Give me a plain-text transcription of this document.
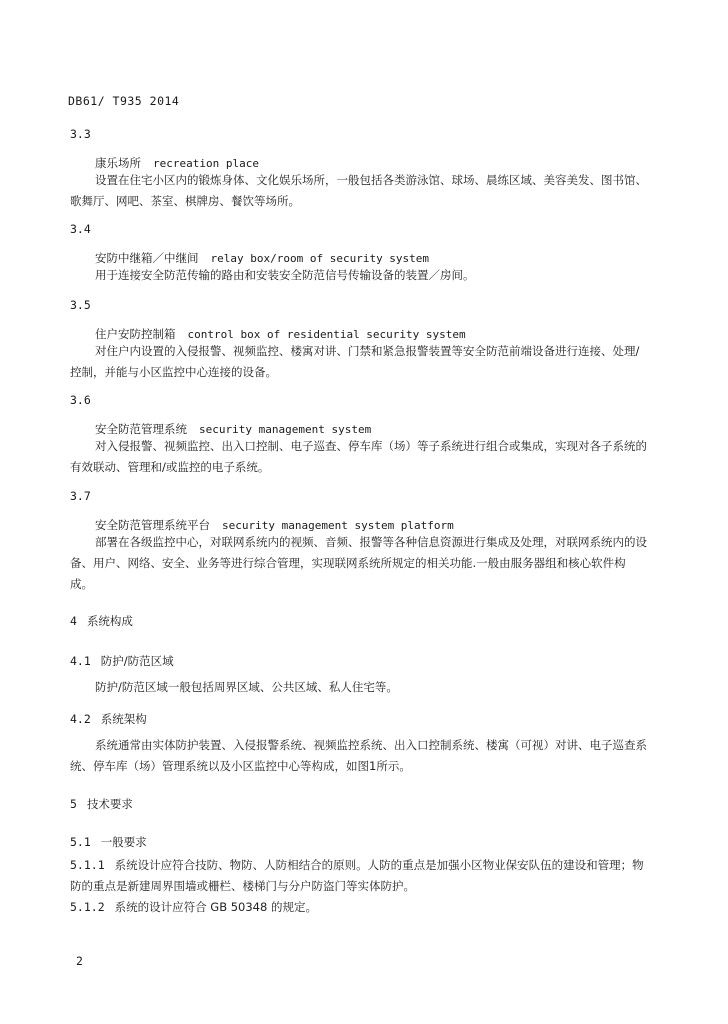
DB61/ T935 2014
3.3
康乐场所 recreation place
设置在住宅小区内的锻炼身体、文化娱乐场所，一般包括各类游泳馆、球场、晨练区域、美容美发、图书馆、歌舞厅、网吧、茶室、棋牌房、餐饮等场所。
3.4
安防中继箱／中继间 relay box/room of security system
用于连接安全防范传输的路由和安装安全防范信号传输设备的装置／房间。
3.5
住户安防控制箱 control box of residential security system
对住户内设置的入侵报警、视频监控、楼寓对讲、门禁和紧急报警装置等安全防范前端设备进行连接、处理/控制，并能与小区监控中心连接的设备。
3.6
安全防范管理系统 security management system
对入侵报警、视频监控、出入口控制、电子巡查、停车库（场）等子系统进行组合或集成，实现对各子系统的有效联动、管理和/或监控的电子系统。
3.7
安全防范管理系统平台 security management system platform
部署在各级监控中心，对联网系统内的视频、音频、报警等各种信息资源进行集成及处理，对联网系统内的设备、用户、网络、安全、业务等进行综合管理，实现联网系统所规定的相关功能.一般由服务器组和核心软件构成。
4 系统构成
4.1 防护/防范区域
防护/防范区域一般包括周界区域、公共区域、私人住宅等。
4.2 系统架构
系统通常由实体防护装置、入侵报警系统、视频监控系统、出入口控制系统、楼寓（可视）对讲、电子巡查系统、停车库（场）管理系统以及小区监控中心等构成，如图1所示。
5 技术要求
5.1 一般要求
5.1.1 系统设计应符合技防、物防、人防相结合的原则。人防的重点是加强小区物业保安队伍的建设和管理；物防的重点是新建周界围墙或栅栏、楼梯门与分户防盗门等实体防护。
5.1.2 系统的设计应符合 GB 50348 的规定。
2
